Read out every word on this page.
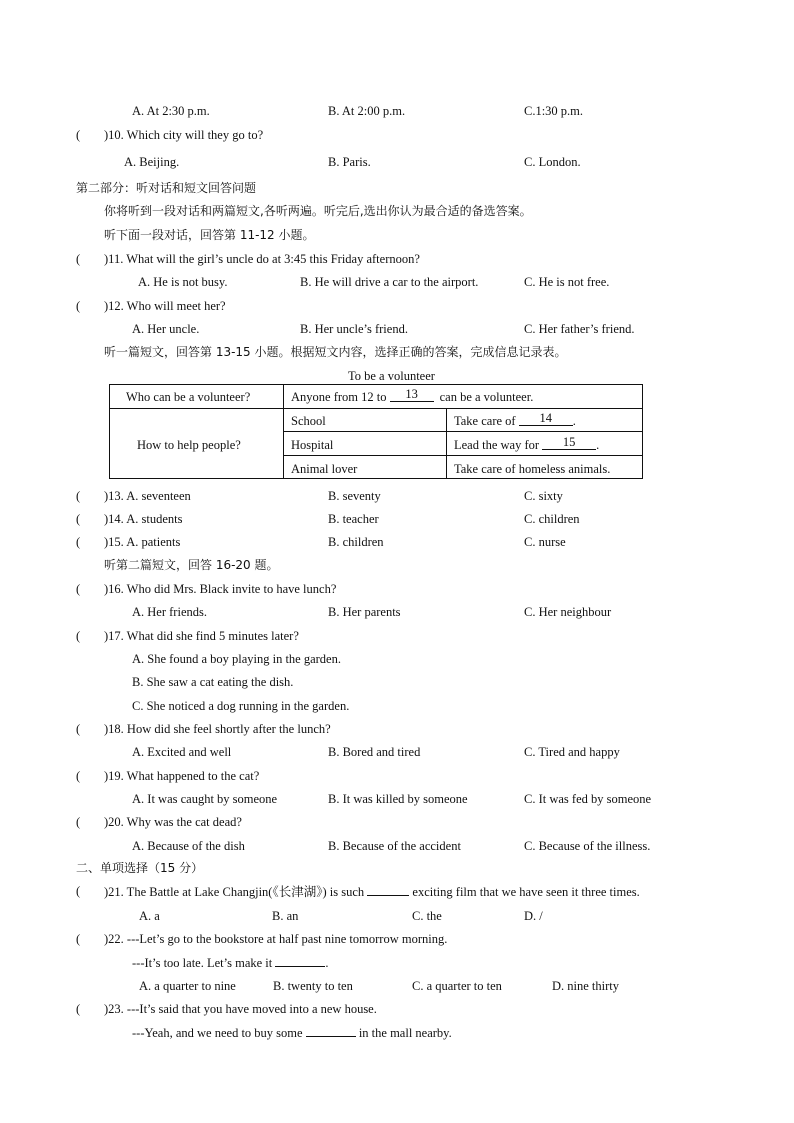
A. At 2:30 p.m.	B. At 2:00 p.m.	C.1:30 p.m.
( )10. Which city will they go to?
A. Beijing.	B. Paris.	C. London.
第二部分：听对话和短文回答问题
你将听到一段对话和两篇短文,各听两遍。听完后,选出你认为最合适的备选答案。
听下面一段对话，回答第 11-12 小题。
( )11. What will the girl’s uncle do at 3:45 this Friday afternoon?
A. He is not busy.	B. He will drive a car to the airport.	C. He is not free.
( )12. Who will meet her?
A. Her uncle.	B. Her uncle’s friend.	C. Her father’s friend.
听一篇短文，回答第 13-15 小题。根据短文内容，选择正确的答案，完成信息记录表。
To be a volunteer
Who can be a volunteer?	Anyone from 12 to 13 can be a volunteer.
How to help people?
School	Take care of 14 .
Hospital	Lead the way for 15 .
Animal lover	Take care of homeless animals.
( )13. A. seventeen	B. seventy	C. sixty
( )14. A. students	B. teacher	C. children
( )15. A. patients	B. children	C. nurse
听第二篇短文，回答 16-20 题。
( )16. Who did Mrs. Black invite to have lunch?
A. Her friends.	B. Her parents	C. Her neighbour
( )17. What did she find 5 minutes later?
A. She found a boy playing in the garden.
B. She saw a cat eating the dish.
C. She noticed a dog running in the garden.
( )18. How did she feel shortly after the lunch?
A. Excited and well	B. Bored and tired	C. Tired and happy
( )19. What happened to the cat?
A. It was caught by someone	B. It was killed by someone	C. It was fed by someone
( )20. Why was the cat dead?
A. Because of the dish	B. Because of the accident	C. Because of the illness.
二、单项选择（15 分）
( )21. The Battle at Lake Changjin(《长津湖》) is such	exciting film that we have seen it three times.
A. a	B. an	C. the	D. /
( )22. ---Let’s go to the bookstore at half past nine tomorrow morning.
---It’s too late. Let’s make it	.
A. a quarter to nine	B. twenty to ten	C. a quarter to ten	D. nine thirty
( )23. ---It’s said that you have moved into a new house.
---Yeah, and we need to buy some	in the mall nearby.
